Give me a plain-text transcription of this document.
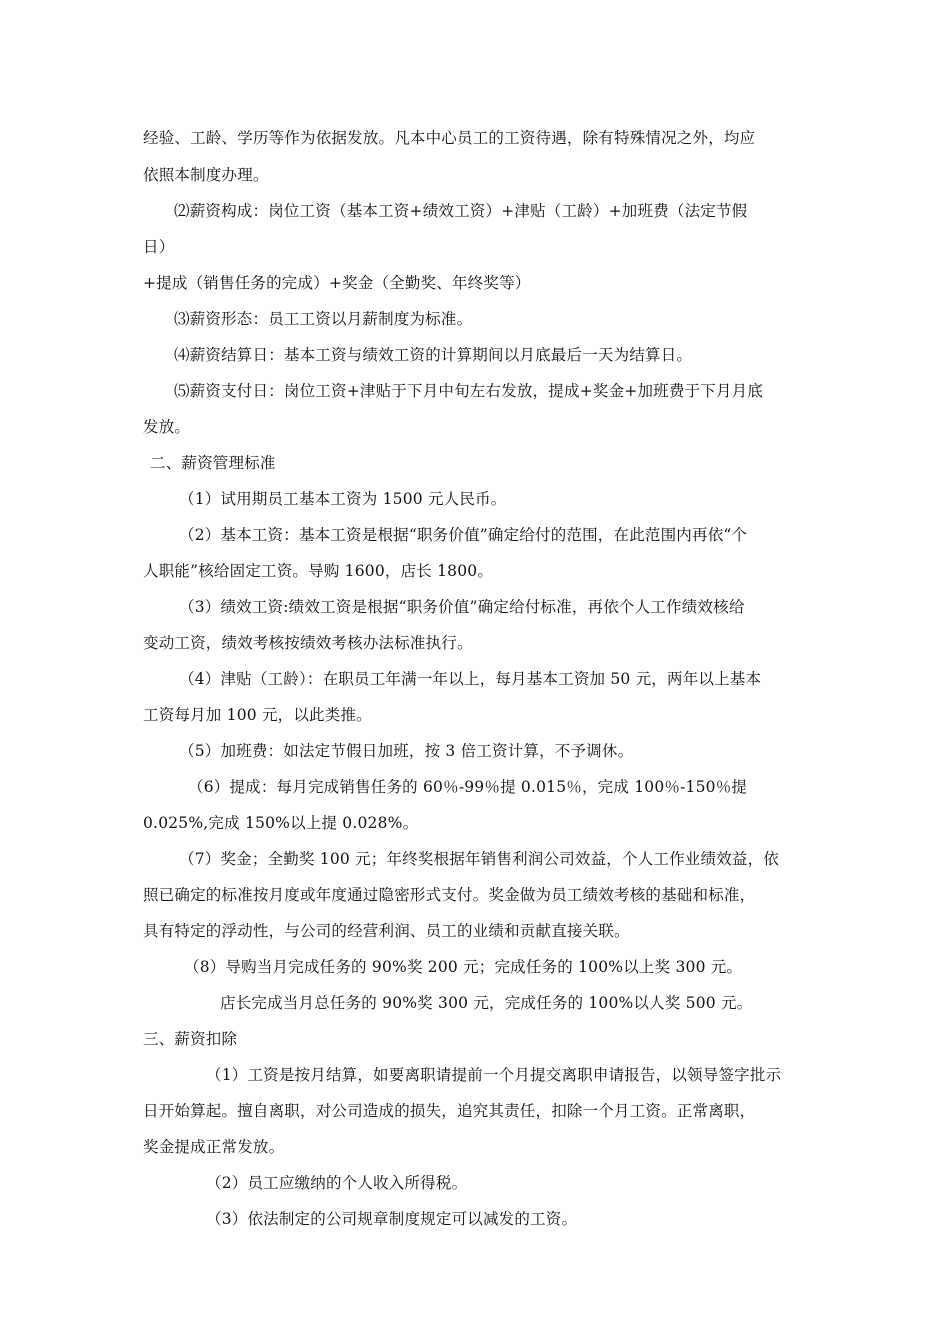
经验、工龄、学历等作为依据发放。凡本中心员工的工资待遇，除有特殊情况之外，均应
依照本制度办理。
⑵薪资构成：岗位工资（基本工资+绩效工资）+津贴（工龄）+加班费（法定节假
日）
+提成（销售任务的完成）+奖金（全勤奖、年终奖等）
⑶薪资形态：员工工资以月薪制度为标准。
⑷薪资结算日：基本工资与绩效工资的计算期间以月底最后一天为结算日。
⑸薪资支付日：岗位工资+津贴于下月中旬左右发放，提成+奖金+加班费于下月月底
发放。
二、薪资管理标准
（1）试用期员工基本工资为 1500 元人民币。
（2）基本工资：基本工资是根据“职务价值”确定给付的范围，在此范围内再依“个
人职能”核给固定工资。导购 1600，店长 1800。
（3）绩效工资:绩效工资是根据“职务价值”确定给付标准，再依个人工作绩效核给
变动工资，绩效考核按绩效考核办法标准执行。
（4）津贴（工龄）：在职员工年满一年以上，每月基本工资加 50 元，两年以上基本
工资每月加 100 元，以此类推。
（5）加班费：如法定节假日加班，按 3 倍工资计算，不予调休。
（6）提成：每月完成销售任务的 60％-99％提 0.015％，完成 100％-150％提
0.025%,完成 150%以上提 0.028%。
（7）奖金；全勤奖 100 元；年终奖根据年销售利润公司效益，个人工作业绩效益，依
照已确定的标准按月度或年度通过隐密形式支付。奖金做为员工绩效考核的基础和标准，
具有特定的浮动性，与公司的经营利润、员工的业绩和贡献直接关联。
（8）导购当月完成任务的 90%奖 200 元；完成任务的 100%以上奖 300 元。
店长完成当月总任务的 90%奖 300 元，完成任务的 100%以人奖 500 元。
三、薪资扣除
（1）工资是按月结算，如要离职请提前一个月提交离职申请报告，以领导签字批示
日开始算起。擅自离职，对公司造成的损失，追究其责任，扣除一个月工资。正常离职，
奖金提成正常发放。
（2）员工应缴纳的个人收入所得税。
（3）依法制定的公司规章制度规定可以减发的工资。
